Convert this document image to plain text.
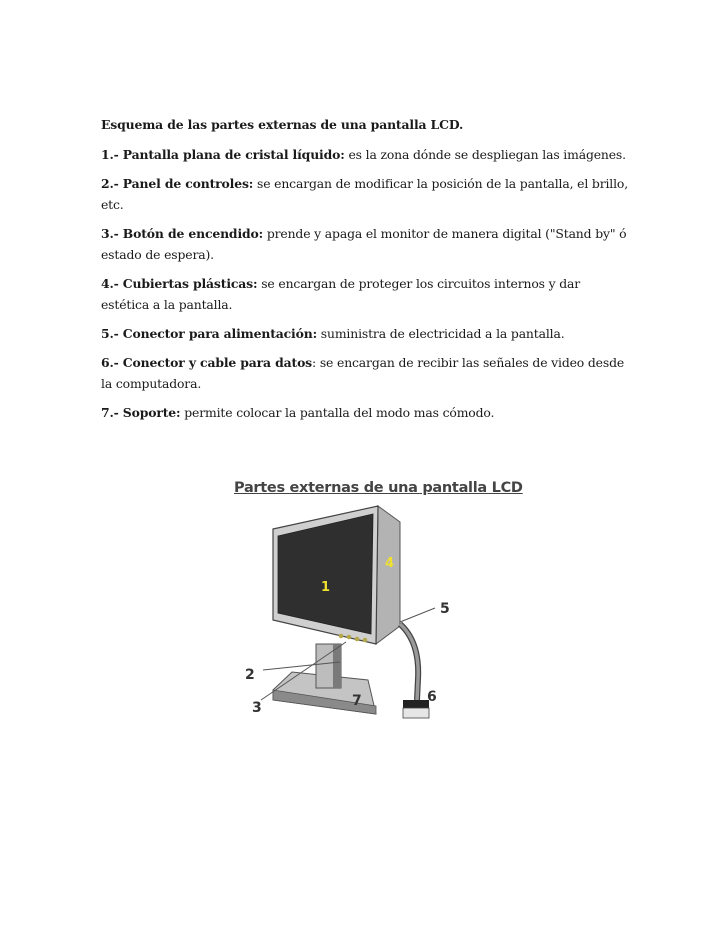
Esquema de las partes externas de una pantalla LCD.

1.- Pantalla plana de cristal líquido: es la zona dónde se despliegan las imágenes.

2.- Panel de controles: se encargan de modificar la posición de la pantalla, el brillo, etc.

3.- Botón de encendido: prende y apaga el monitor de manera digital ("Stand by" ó estado de espera).

4.- Cubiertas plásticas: se encargan de proteger los circuitos internos y dar estética a la pantalla.

5.- Conector para alimentación: suministra de electricidad a la pantalla.

6.- Conector y cable para datos: se encargan de recibir las señales de video desde la computadora.

7.- Soporte: permite colocar la pantalla del modo mas cómodo.

1
4
5
2
3	7	6
Partes externas de una pantalla LCD
